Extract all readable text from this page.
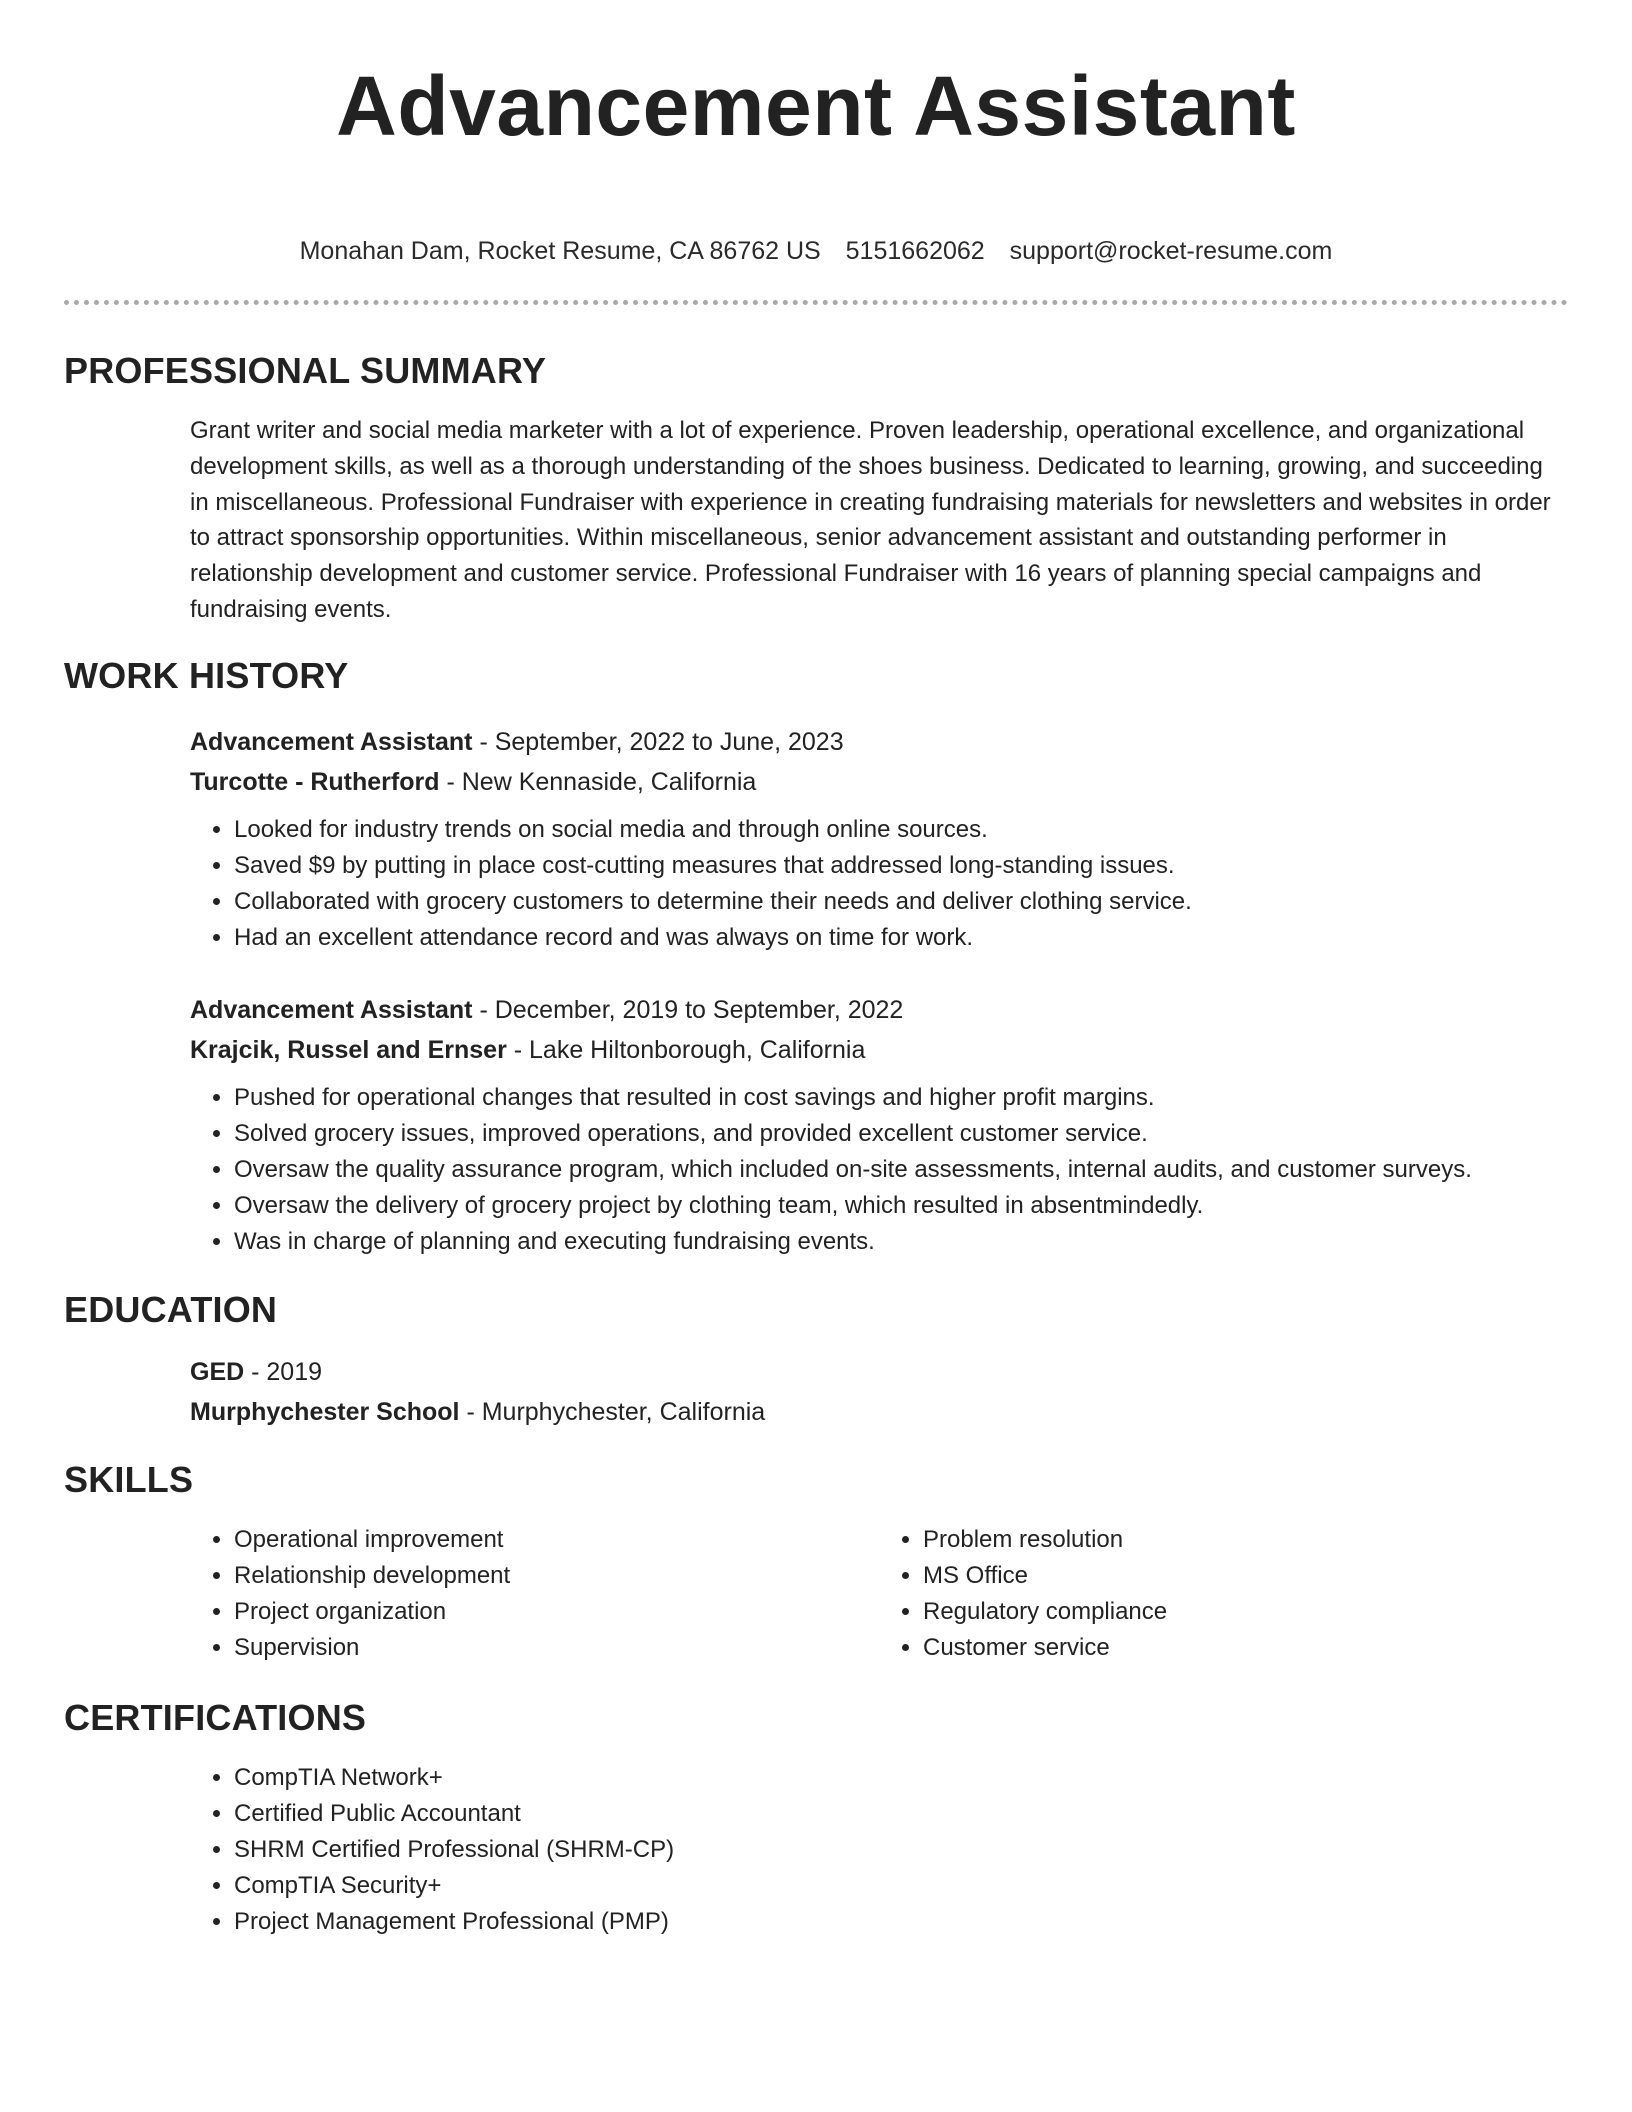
Advancement Assistant
Monahan Dam, Rocket Resume, CA 86762 US 5151662062 support@rocket-resume.com
PROFESSIONAL SUMMARY
Grant writer and social media marketer with a lot of experience. Proven leadership, operational excellence, and organizational development skills, as well as a thorough understanding of the shoes business. Dedicated to learning, growing, and succeeding in miscellaneous. Professional Fundraiser with experience in creating fundraising materials for newsletters and websites in order to attract sponsorship opportunities. Within miscellaneous, senior advancement assistant and outstanding performer in relationship development and customer service. Professional Fundraiser with 16 years of planning special campaigns and fundraising events.
WORK HISTORY
Advancement Assistant - September, 2022 to June, 2023
Turcotte - Rutherford - New Kennaside, California
• Looked for industry trends on social media and through online sources.
• Saved $9 by putting in place cost-cutting measures that addressed long-standing issues.
• Collaborated with grocery customers to determine their needs and deliver clothing service.
• Had an excellent attendance record and was always on time for work.
Advancement Assistant - December, 2019 to September, 2022
Krajcik, Russel and Ernser - Lake Hiltonborough, California
• Pushed for operational changes that resulted in cost savings and higher profit margins.
• Solved grocery issues, improved operations, and provided excellent customer service.
• Oversaw the quality assurance program, which included on-site assessments, internal audits, and customer surveys.
• Oversaw the delivery of grocery project by clothing team, which resulted in absentmindedly.
• Was in charge of planning and executing fundraising events.
EDUCATION
GED - 2019
Murphychester School - Murphychester, California
SKILLS
• Operational improvement
• Relationship development
• Project organization
• Supervision
• Problem resolution
• MS Office
• Regulatory compliance
• Customer service
CERTIFICATIONS
• CompTIA Network+
• Certified Public Accountant
• SHRM Certified Professional (SHRM-CP)
• CompTIA Security+
• Project Management Professional (PMP)
